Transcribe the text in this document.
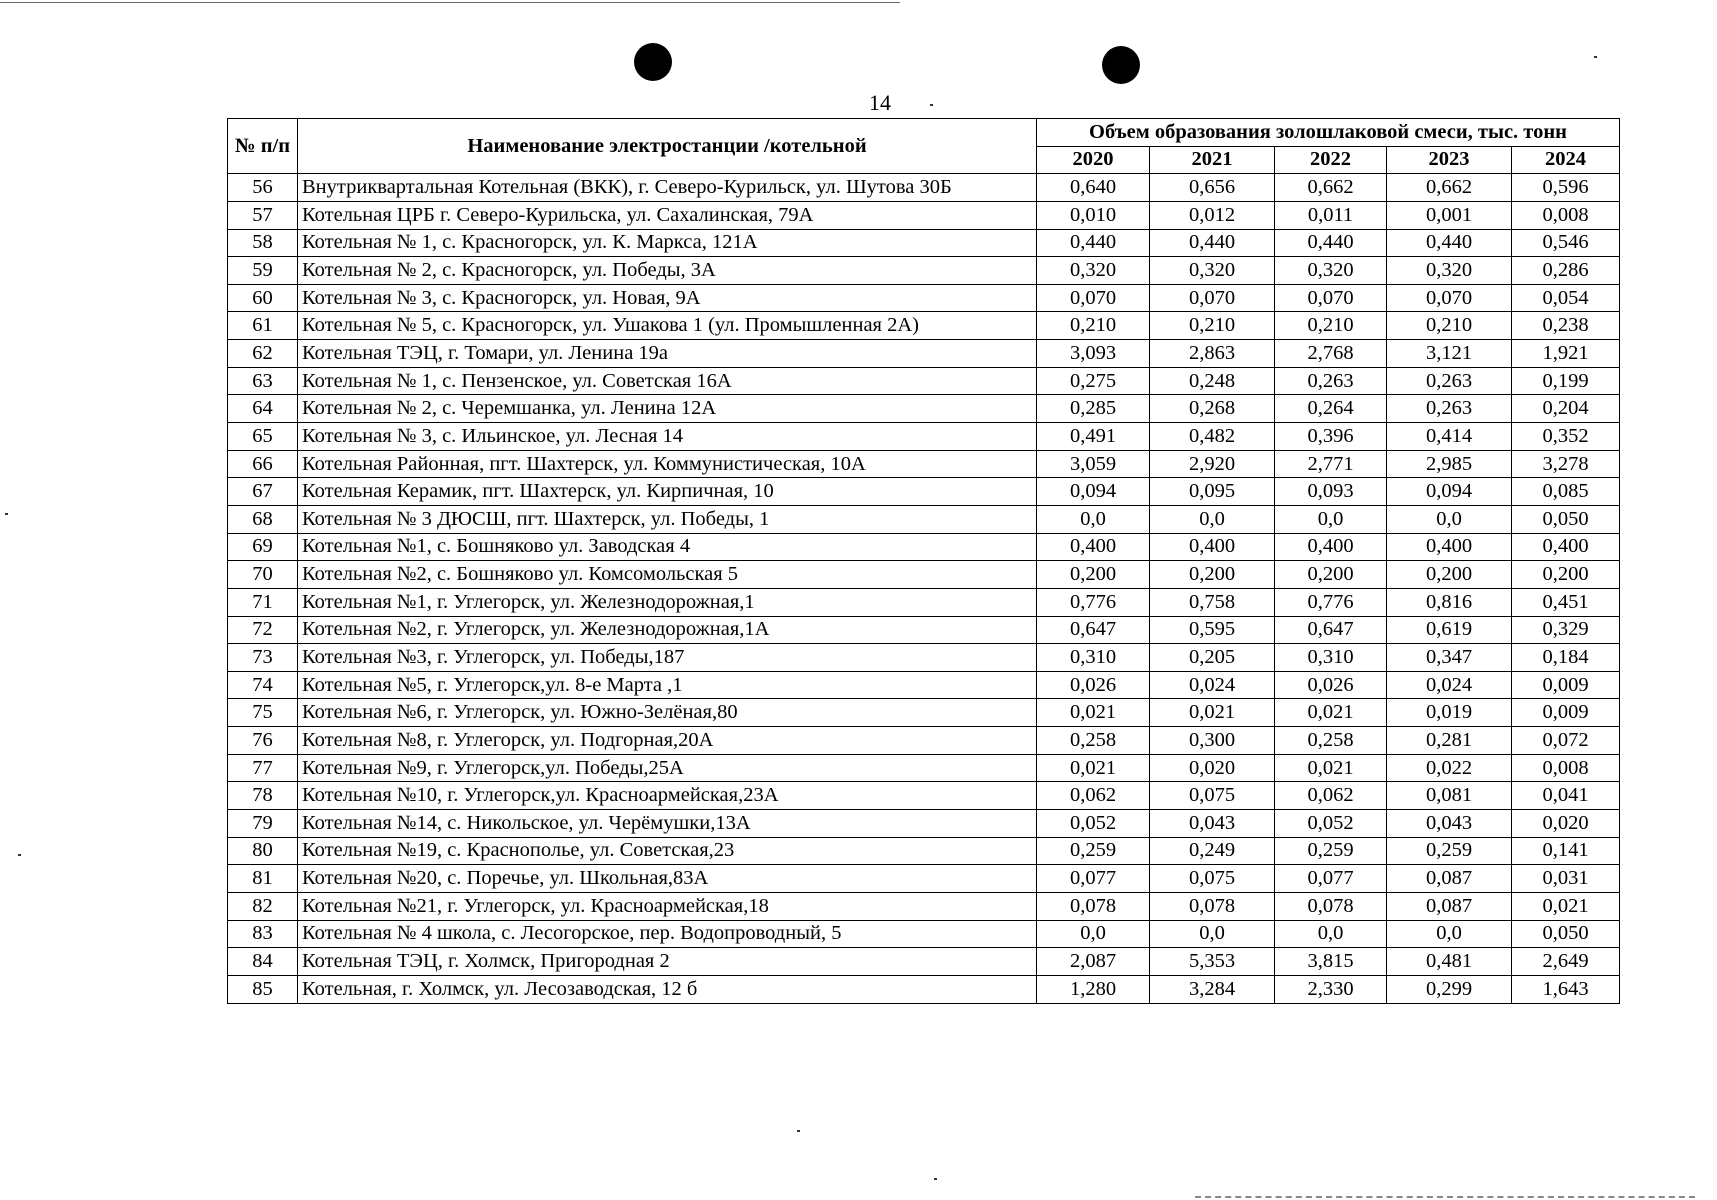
14
№ п/п	Наименование электростанции /котельной	Объем образования золошлаковой смеси, тыс. тонн				
		2020	2021	2022	2023	2024
56	Внутриквартальная Котельная (ВКК), г. Северо-Курильск, ул. Шутова 30Б	0,640	0,656	0,662	0,662	0,596
57	Котельная ЦРБ г. Северо-Курильска, ул. Сахалинская, 79А	0,010	0,012	0,011	0,001	0,008
58	Котельная № 1, с. Красногорск, ул. К. Маркса, 121А	0,440	0,440	0,440	0,440	0,546
59	Котельная № 2, с. Красногорск, ул. Победы, 3А	0,320	0,320	0,320	0,320	0,286
60	Котельная № 3, с. Красногорск, ул. Новая, 9А	0,070	0,070	0,070	0,070	0,054
61	Котельная № 5, с. Красногорск, ул. Ушакова 1 (ул. Промышленная 2А)	0,210	0,210	0,210	0,210	0,238
62	Котельная ТЭЦ, г. Томари, ул. Ленина 19а	3,093	2,863	2,768	3,121	1,921
63	Котельная № 1, с. Пензенское, ул. Советская 16А	0,275	0,248	0,263	0,263	0,199
64	Котельная № 2, с. Черемшанка, ул. Ленина 12А	0,285	0,268	0,264	0,263	0,204
65	Котельная № 3, с. Ильинское, ул. Лесная 14	0,491	0,482	0,396	0,414	0,352
66	Котельная Районная, пгт. Шахтерск, ул. Коммунистическая, 10А	3,059	2,920	2,771	2,985	3,278
67	Котельная Керамик, пгт. Шахтерск, ул. Кирпичная, 10	0,094	0,095	0,093	0,094	0,085
68	Котельная № 3 ДЮСШ, пгт. Шахтерск, ул. Победы, 1	0,0	0,0	0,0	0,0	0,050
69	Котельная №1, с. Бошняково ул. Заводская 4	0,400	0,400	0,400	0,400	0,400
70	Котельная №2, с. Бошняково ул. Комсомольская 5	0,200	0,200	0,200	0,200	0,200
71	Котельная №1, г. Углегорск, ул. Железнодорожная,1	0,776	0,758	0,776	0,816	0,451
72	Котельная №2, г. Углегорск, ул. Железнодорожная,1А	0,647	0,595	0,647	0,619	0,329
73	Котельная №3, г. Углегорск, ул. Победы,187	0,310	0,205	0,310	0,347	0,184
74	Котельная №5, г. Углегорск,ул. 8-е Марта ,1	0,026	0,024	0,026	0,024	0,009
75	Котельная №6, г. Углегорск, ул. Южно-Зелёная,80	0,021	0,021	0,021	0,019	0,009
76	Котельная №8, г. Углегорск, ул. Подгорная,20А	0,258	0,300	0,258	0,281	0,072
77	Котельная №9, г. Углегорск,ул. Победы,25А	0,021	0,020	0,021	0,022	0,008
78	Котельная №10, г. Углегорск,ул. Красноармейская,23А	0,062	0,075	0,062	0,081	0,041
79	Котельная №14, с. Никольское, ул. Черёмушки,13А	0,052	0,043	0,052	0,043	0,020
80	Котельная №19, с. Краснополье, ул. Советская,23	0,259	0,249	0,259	0,259	0,141
81	Котельная №20, с. Поречье, ул. Школьная,83А	0,077	0,075	0,077	0,087	0,031
82	Котельная №21, г. Углегорск, ул. Красноармейская,18	0,078	0,078	0,078	0,087	0,021
83	Котельная № 4 школа, с. Лесогорское, пер. Водопроводный, 5	0,0	0,0	0,0	0,0	0,050
84	Котельная ТЭЦ, г. Холмск, Пригородная 2	2,087	5,353	3,815	0,481	2,649
85	Котельная, г. Холмск, ул. Лесозаводская, 12 б	1,280	3,284	2,330	0,299	1,643
